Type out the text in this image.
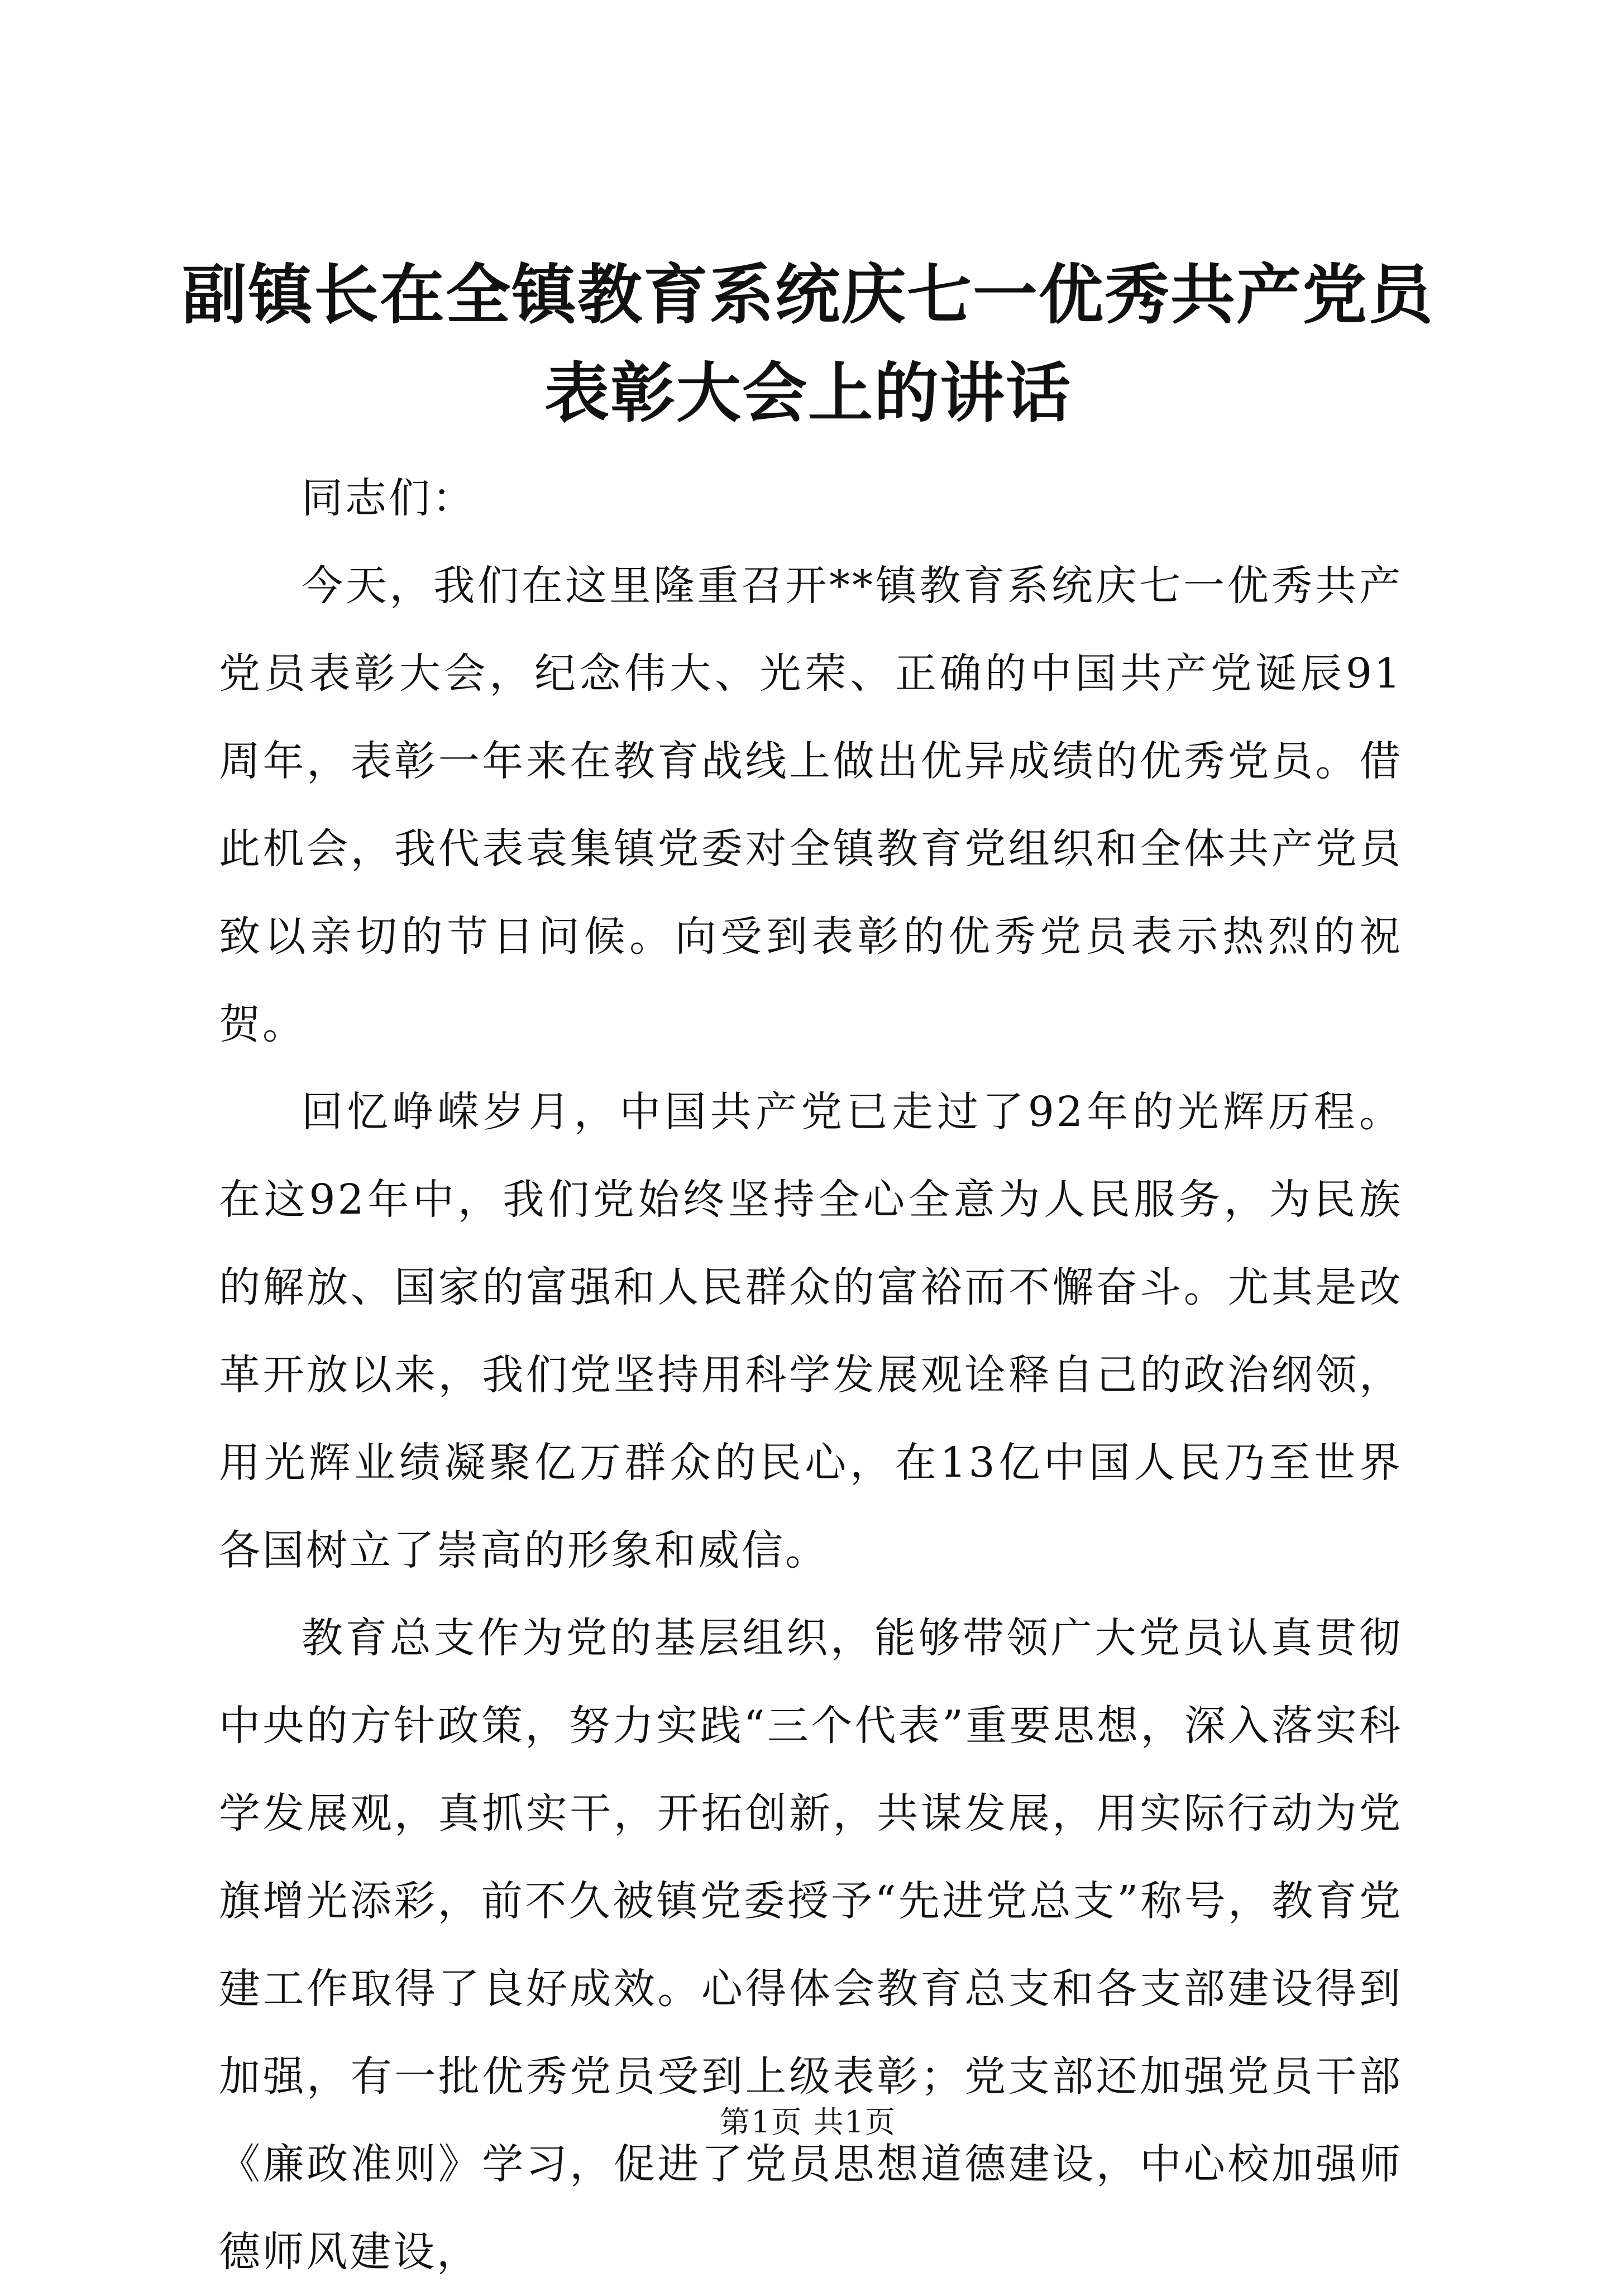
副镇长在全镇教育系统庆七一优秀共产党员表彰大会上的讲话

同志们：

今天，我们在这里隆重召开**镇教育系统庆七一优秀共产党员表彰大会，纪念伟大、光荣、正确的中国共产党诞辰91周年，表彰一年来在教育战线上做出优异成绩的优秀党员。借此机会，我代表袁集镇党委对全镇教育党组织和全体共产党员致以亲切的节日问候。向受到表彰的优秀党员表示热烈的祝贺。

回忆峥嵘岁月，中国共产党已走过了92年的光辉历程。在这92年中，我们党始终坚持全心全意为人民服务，为民族的解放、国家的富强和人民群众的富裕而不懈奋斗。尤其是改革开放以来，我们党坚持用科学发展观诠释自己的政治纲领，用光辉业绩凝聚亿万群众的民心，在13亿中国人民乃至世界各国树立了崇高的形象和威信。

教育总支作为党的基层组织，能够带领广大党员认真贯彻中央的方针政策，努力实践“三个代表”重要思想，深入落实科学发展观，真抓实干，开拓创新，共谋发展，用实际行动为党旗增光添彩，前不久被镇党委授予“先进党总支”称号，教育党建工作取得了良好成效。心得体会教育总支和各支部建设得到加强，有一批优秀党员受到上级表彰；党支部还加强党员干部《廉政准则》学习，促进了党员思想道德建设，中心校加强师德师风建设，

第1页 共1页
